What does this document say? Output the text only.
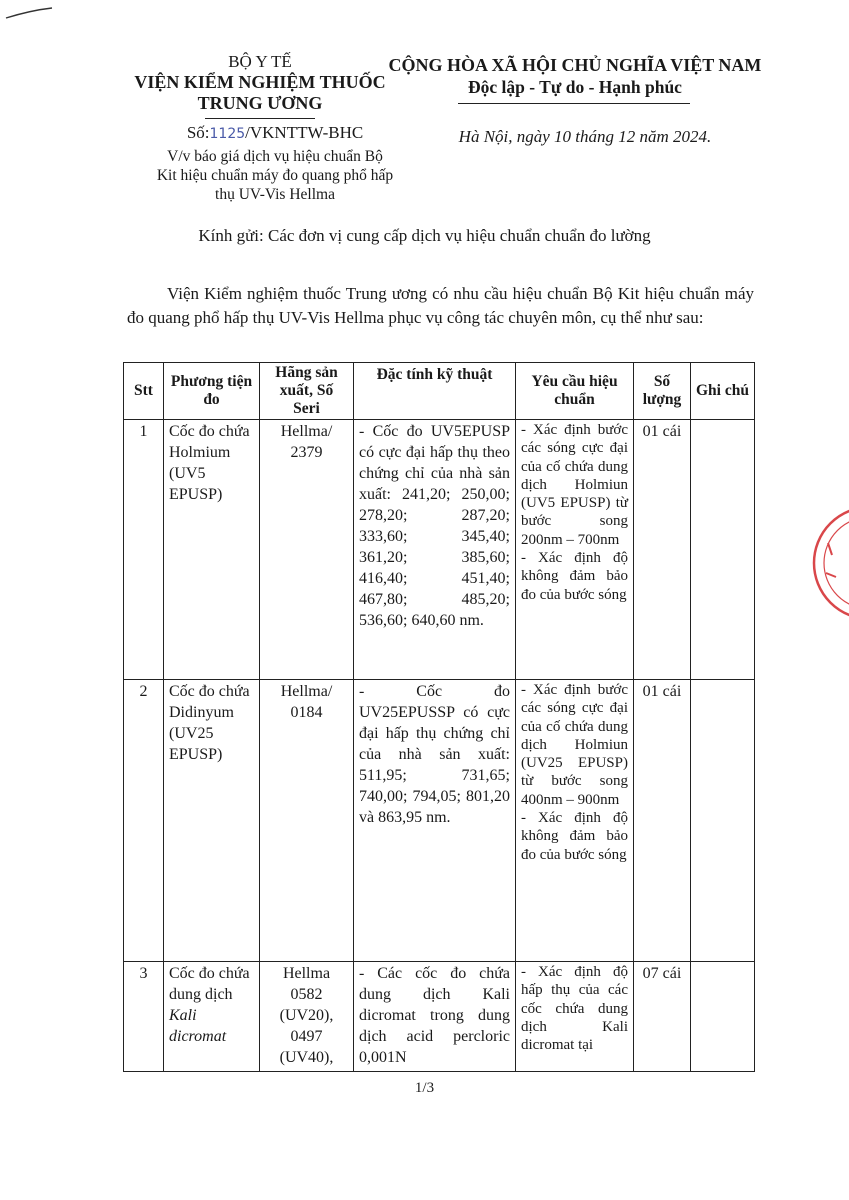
BỘ Y TẾ
VIỆN KIỂM NGHIỆM THUỐC
TRUNG ƯƠNG
CỘNG HÒA XÃ HỘI CHỦ NGHĨA VIỆT NAM
Độc lập - Tự do - Hạnh phúc
Số:1125/VKNTTW-BHC
V/v báo giá dịch vụ hiệu chuẩn Bộ
Kit hiệu chuẩn máy đo quang phổ hấp
thụ UV-Vis Hellma
Hà Nội, ngày 10 tháng 12 năm 2024.
Kính gửi: Các đơn vị cung cấp dịch vụ hiệu chuẩn chuẩn đo lường

Viện Kiểm nghiệm thuốc Trung ương có nhu cầu hiệu chuẩn Bộ Kit hiệu chuẩn máy đo quang phổ hấp thụ UV-Vis Hellma phục vụ công tác chuyên môn, cụ thể như sau:

Stt	Phương tiện đo	Hãng sản xuất, Số Seri	Đặc tính kỹ thuật	Yêu cầu hiệu chuẩn	Số lượng	Ghi chú
1	Cốc đo chứa Holmium (UV5 EPUSP)	Hellma/ 2379	- Cốc đo UV5EPUSP có cực đại hấp thụ theo chứng chỉ của nhà sản xuất: 241,20; 250,00; 278,20; 287,20; 333,60; 345,40; 361,20; 385,60; 416,40; 451,40; 467,80; 485,20; 536,60; 640,60 nm.	- Xác định bước các sóng cực đại của cố chứa dung dịch Holmiun (UV5 EPUSP) từ bước song 200nm – 700nm
- Xác định độ không đảm bảo đo của bước sóng	01 cái	
2	Cốc đo chứa Didinyum (UV25 EPUSP)	Hellma/ 0184	- Cốc đo UV25EPUSSP có cực đại hấp thụ chứng chỉ của nhà sản xuất: 511,95; 731,65; 740,00; 794,05; 801,20 và 863,95 nm.	- Xác định bước các sóng cực đại của cố chứa dung dịch Holmiun (UV25 EPUSP) từ bước song 400nm – 900nm
- Xác định độ không đảm bảo đo của bước sóng	01 cái	
3	Cốc đo chứa dung dịch Kali dicromat	Hellma 0582 (UV20), 0497 (UV40),	- Các cốc đo chứa dung dịch Kali dicromat trong dung dịch acid percloric 0,001N	- Xác định độ hấp thụ của các cốc chứa dung dịch Kali dicromat tại	07 cái	
1/3
